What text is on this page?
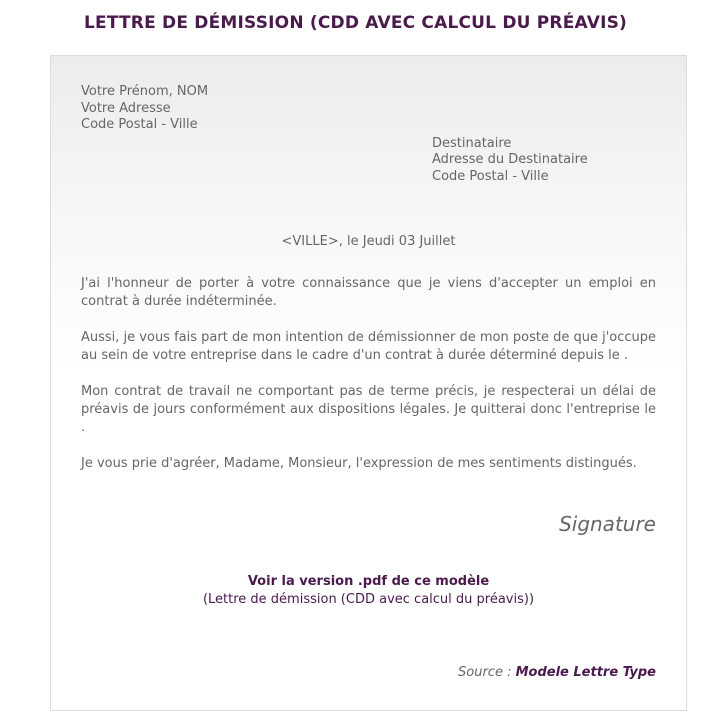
LETTRE DE DÉMISSION (CDD AVEC CALCUL DU PRÉAVIS)
Votre Prénom, NOM
Votre Adresse
Code Postal - Ville
Destinataire
Adresse du Destinataire
Code Postal - Ville
<VILLE>, le Jeudi 03 Juillet

J'ai l'honneur de porter à votre connaissance que je viens d'accepter un emploi en contrat à durée indéterminée.

Aussi, je vous fais part de mon intention de démissionner de mon poste de que j'occupe au sein de votre entreprise dans le cadre d'un contrat à durée déterminé depuis le .

Mon contrat de travail ne comportant pas de terme précis, je respecterai un délai de préavis de jours conformément aux dispositions légales. Je quitterai donc l'entreprise le .

Je vous prie d'agréer, Madame, Monsieur, l'expression de mes sentiments distingués.

Signature
Voir la version .pdf de ce modèle
(Lettre de démission (CDD avec calcul du préavis))
Source : Modele Lettre Type
